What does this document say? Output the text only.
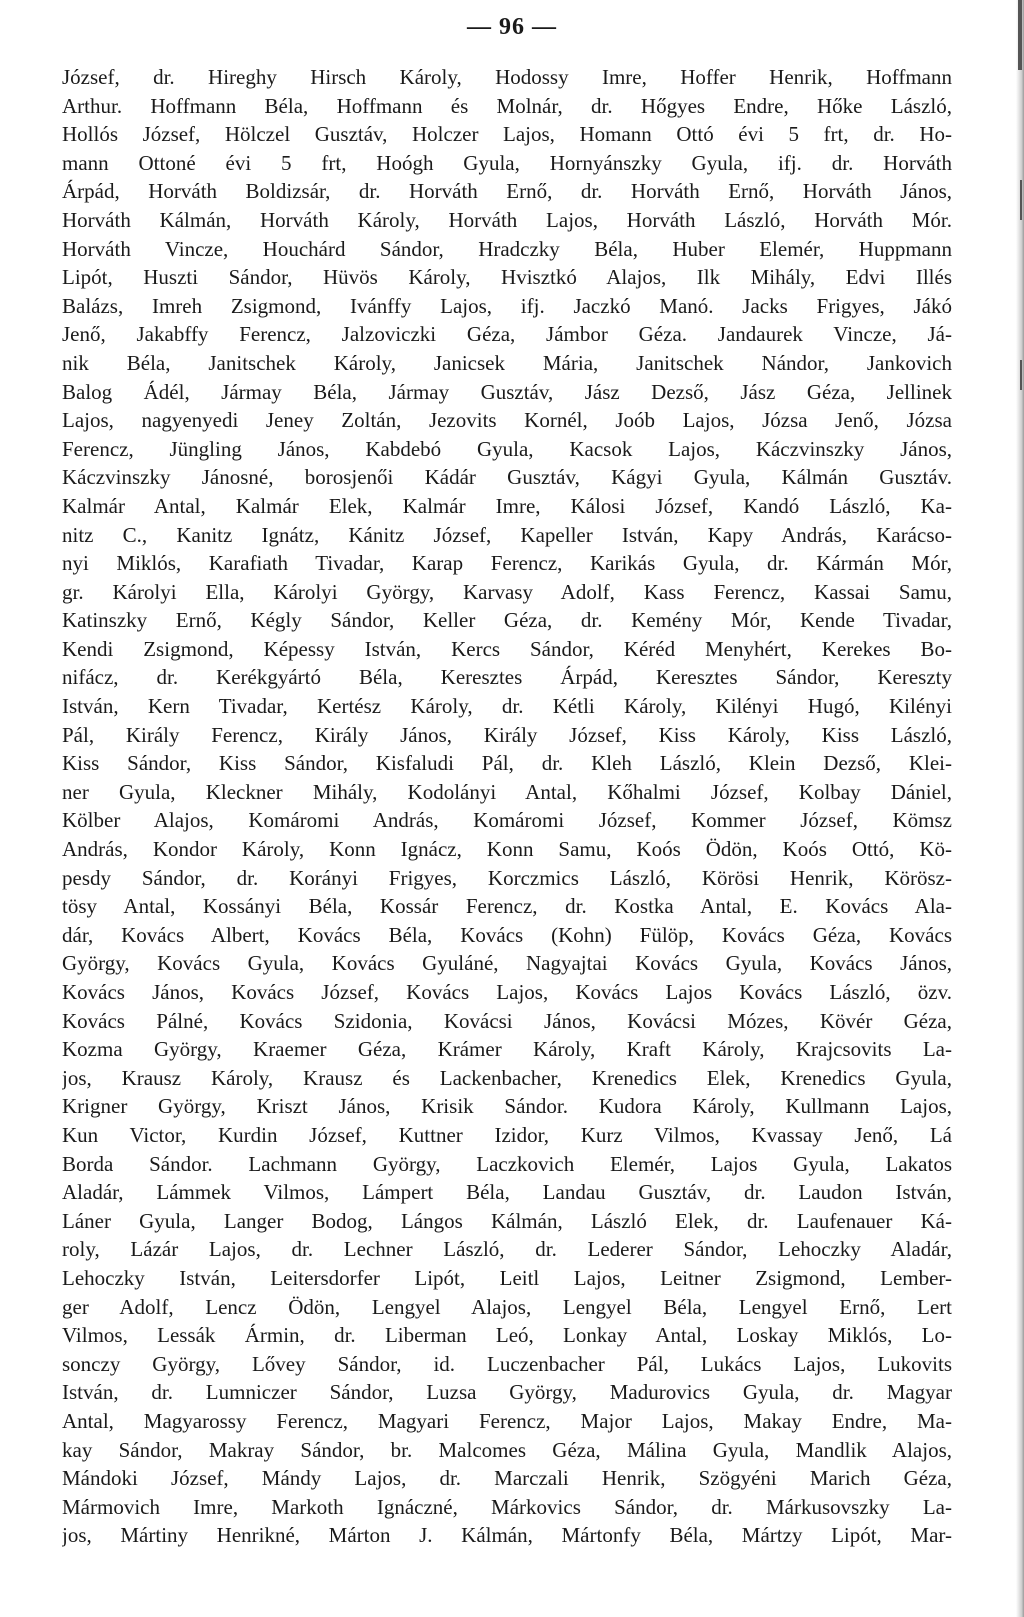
— 96 —
József, dr. Hireghy Hirsch Károly, Hodossy Imre, Hoffer Henrik, Hoffmann
Arthur. Hoffmann Béla, Hoffmann és Molnár, dr. Hőgyes Endre, Hőke László,
Hollós József, Hölczel Gusztáv, Holczer Lajos, Homann Ottó évi 5 frt, dr. Ho-
mann Ottoné évi 5 frt, Hoógh Gyula, Hornyánszky Gyula, ifj. dr. Horváth
Árpád, Horváth Boldizsár, dr. Horváth Ernő, dr. Horváth Ernő, Horváth János,
Horváth Kálmán, Horváth Károly, Horváth Lajos, Horváth László, Horváth Mór.
Horváth Vincze, Houchárd Sándor, Hradczky Béla, Huber Elemér, Huppmann
Lipót, Huszti Sándor, Hüvös Károly, Hvisztkó Alajos, Ilk Mihály, Edvi Illés
Balázs, Imreh Zsigmond, Ivánffy Lajos, ifj. Jaczkó Manó. Jacks Frigyes, Jákó
Jenő, Jakabffy Ferencz, Jalzoviczki Géza, Jámbor Géza. Jandaurek Vincze, Já-
nik Béla, Janitschek Károly, Janicsek Mária, Janitschek Nándor, Jankovich
Balog Ádél, Jármay Béla, Jármay Gusztáv, Jász Dezső, Jász Géza, Jellinek
Lajos, nagyenyedi Jeney Zoltán, Jezovits Kornél, Joób Lajos, Józsa Jenő, Józsa
Ferencz, Jüngling János, Kabdebó Gyula, Kacsok Lajos, Káczvinszky János,
Káczvinszky Jánosné, borosjenői Kádár Gusztáv, Kágyi Gyula, Kálmán Gusztáv.
Kalmár Antal, Kalmár Elek, Kalmár Imre, Kálosi József, Kandó László, Ka-
nitz C., Kanitz Ignátz, Kánitz József, Kapeller István, Kapy András, Karácso-
nyi Miklós, Karafiath Tivadar, Karap Ferencz, Karikás Gyula, dr. Kármán Mór,
gr. Károlyi Ella, Károlyi György, Karvasy Adolf, Kass Ferencz, Kassai Samu,
Katinszky Ernő, Kégly Sándor, Keller Géza, dr. Kemény Mór, Kende Tivadar,
Kendi Zsigmond, Képessy István, Kercs Sándor, Kéréd Menyhért, Kerekes Bo-
nifácz, dr. Kerékgyártó Béla, Keresztes Árpád, Keresztes Sándor, Kereszty
István, Kern Tivadar, Kertész Károly, dr. Kétli Károly, Kilényi Hugó, Kilényi
Pál, Király Ferencz, Király János, Király József, Kiss Károly, Kiss László,
Kiss Sándor, Kiss Sándor, Kisfaludi Pál, dr. Kleh László, Klein Dezső, Klei-
ner Gyula, Kleckner Mihály, Kodolányi Antal, Kőhalmi József, Kolbay Dániel,
Kölber Alajos, Komáromi András, Komáromi József, Kommer József, Kömsz
András, Kondor Károly, Konn Ignácz, Konn Samu, Koós Ödön, Koós Ottó, Kö-
pesdy Sándor, dr. Korányi Frigyes, Korczmics László, Körösi Henrik, Körösz-
tösy Antal, Kossányi Béla, Kossár Ferencz, dr. Kostka Antal, E. Kovács Ala-
dár, Kovács Albert, Kovács Béla, Kovács (Kohn) Fülöp, Kovács Géza, Kovács
György, Kovács Gyula, Kovács Gyuláné, Nagyajtai Kovács Gyula, Kovács János,
Kovács János, Kovács József, Kovács Lajos, Kovács Lajos Kovács László, özv.
Kovács Pálné, Kovács Szidonia, Kovácsi János, Kovácsi Mózes, Kövér Géza,
Kozma György, Kraemer Géza, Krámer Károly, Kraft Károly, Krajcsovits La-
jos, Krausz Károly, Krausz és Lackenbacher, Krenedics Elek, Krenedics Gyula,
Krigner György, Kriszt János, Krisik Sándor. Kudora Károly, Kullmann Lajos,
Kun Victor, Kurdin József, Kuttner Izidor, Kurz Vilmos, Kvassay Jenő, Lá
Borda Sándor. Lachmann György, Laczkovich Elemér, Lajos Gyula, Lakatos
Aladár, Lámmek Vilmos, Lámpert Béla, Landau Gusztáv, dr. Laudon István,
Láner Gyula, Langer Bodog, Lángos Kálmán, László Elek, dr. Laufenauer Ká-
roly, Lázár Lajos, dr. Lechner László, dr. Lederer Sándor, Lehoczky Aladár,
Lehoczky István, Leitersdorfer Lipót, Leitl Lajos, Leitner Zsigmond, Lember-
ger Adolf, Lencz Ödön, Lengyel Alajos, Lengyel Béla, Lengyel Ernő, Lert
Vilmos, Lessák Ármin, dr. Liberman Leó, Lonkay Antal, Loskay Miklós, Lo-
sonczy György, Lővey Sándor, id. Luczenbacher Pál, Lukács Lajos, Lukovits
István, dr. Lumniczer Sándor, Luzsa György, Madurovics Gyula, dr. Magyar
Antal, Magyarossy Ferencz, Magyari Ferencz, Major Lajos, Makay Endre, Ma-
kay Sándor, Makray Sándor, br. Malcomes Géza, Málina Gyula, Mandlik Alajos,
Mándoki József, Mándy Lajos, dr. Marczali Henrik, Szögyéni Marich Géza,
Mármovich Imre, Markoth Ignáczné, Márkovics Sándor, dr. Márkusovszky La-
jos, Mártiny Henrikné, Márton J. Kálmán, Mártonfy Béla, Mártzy Lipót, Mar-
